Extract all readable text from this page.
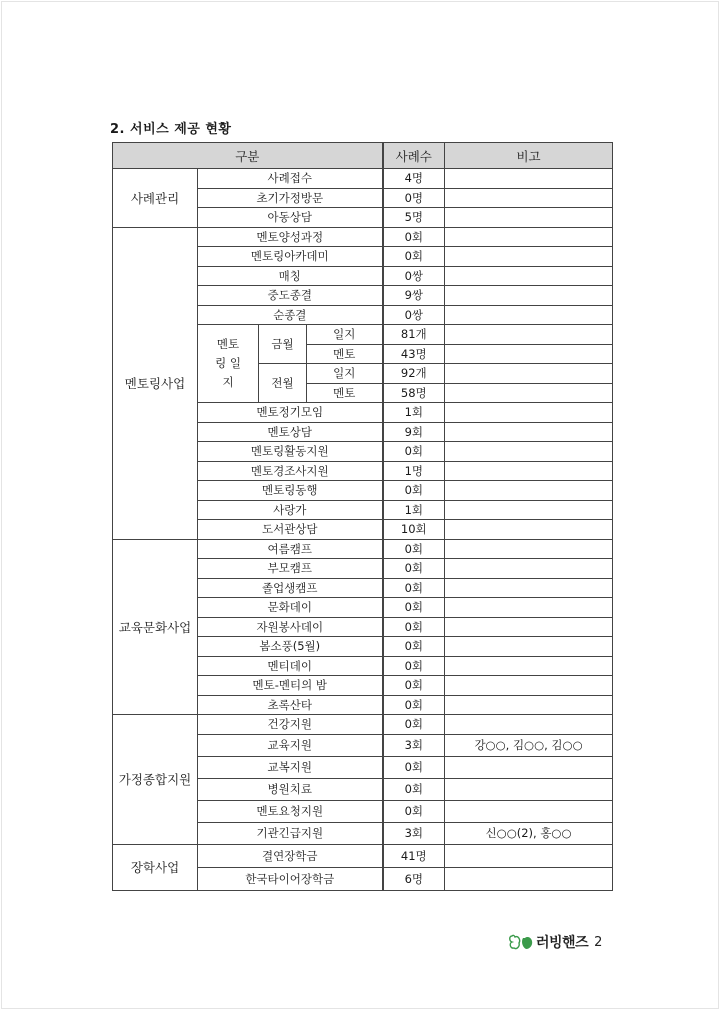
2. 서비스 제공 현황
구분				사례수	비고
사례관리	사례접수			4명	
	초기가정방문			0명	
	아동상담			5명	
멘토링사업	멘토양성과정			0회	
	멘토링아카데미			0회	
	매칭			0쌍	
	중도종결			9쌍	
	순종결			0쌍	
	멘토링 일지	금월	일지	81개	
			멘토	43명	
		전월	일지	92개	
			멘토	58명	
	멘토정기모임			1회	
	멘토상담			9회	
	멘토링활동지원			0회	
	멘토경조사지원			1명	
	멘토링동행			0회	
	사랑가			1회	
	도서관상담			10회	
교육문화사업	여름캠프			0회	
	부모캠프			0회	
	졸업생캠프			0회	
	문화데이			0회	
	자원봉사데이			0회	
	봄소풍(5월)			0회	
	멘티데이			0회	
	멘토-멘티의 밤			0회	
	초록산타			0회	
가정종합지원	건강지원			0회	
	교육지원			3회	강○○, 김○○, 김○○
	교복지원			0회	
	병원치료			0회	
	멘토요청지원			0회	
	기관긴급지원			3회	신○○(2), 홍○○
장학사업	결연장학금			41명	
	한국타이어장학금			6명	
러빙핸즈 2
